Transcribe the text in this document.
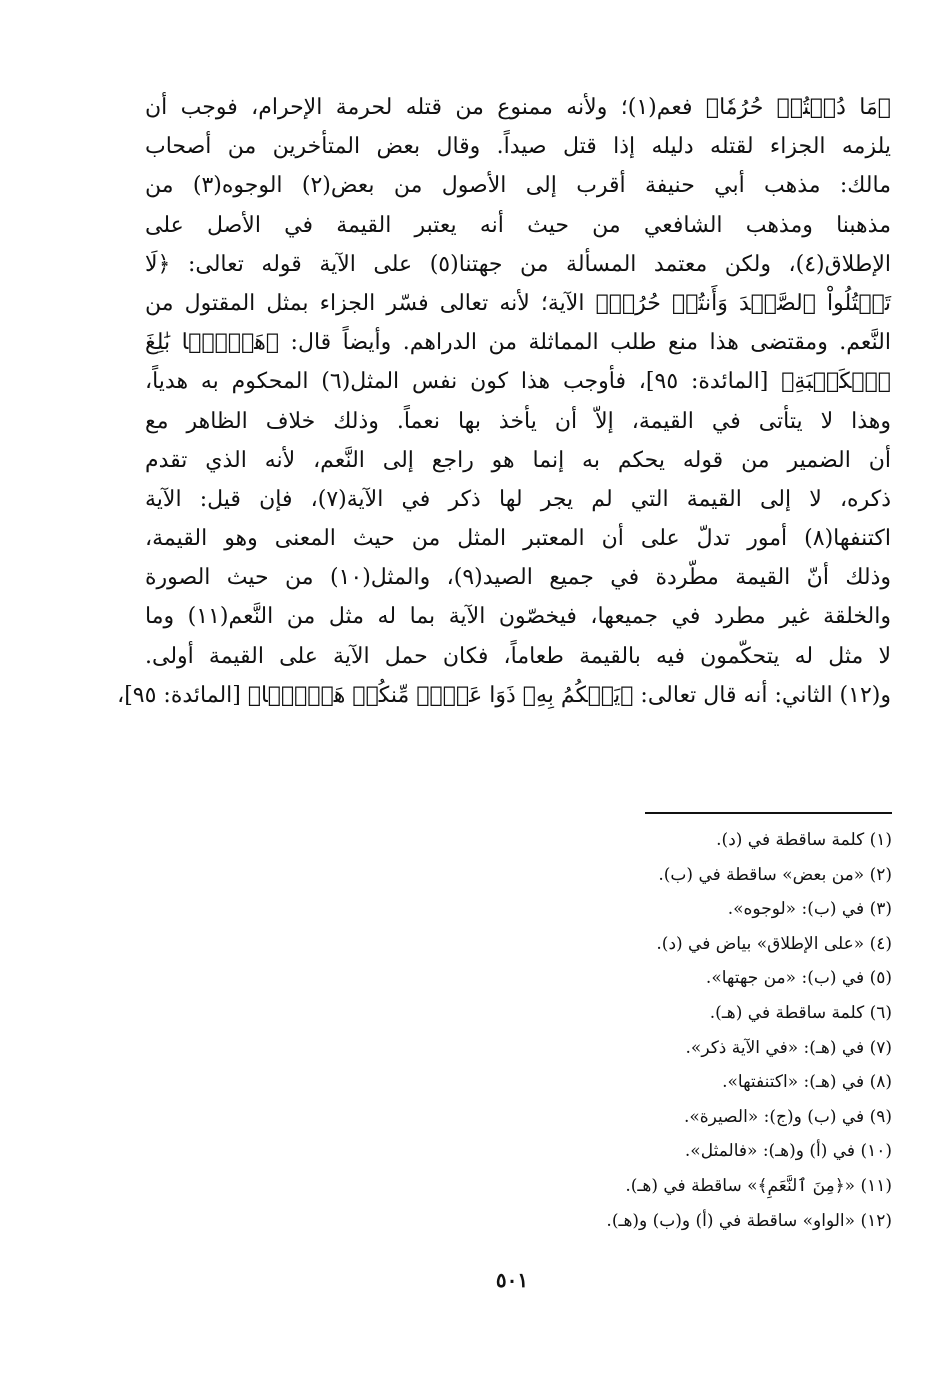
﴿مَا دُمۡتُمۡ حُرُمٗا﴾ فعم(١)؛ ولأنه ممنوع من قتله لحرمة الإحرام، فوجب أن
يلزمه الجزاء لقتله دليله إذا قتل صيداً. وقال بعض المتأخرين من أصحاب
مالك: مذهب أبي حنيفة أقرب إلى الأصول من بعض(٢) الوجوه(٣) من
مذهبنا ومذهب الشافعي من حيث أنه يعتبر القيمة في الأصل على
الإطلاق(٤)، ولكن معتمد المسألة من جهتنا(٥) على الآية قوله تعالى: ﴿لَا
تَقۡتُلُواْ ٱلصَّيۡدَ وَأَنتُمۡ حُرُمٞ﴾ الآية؛ لأنه تعالى فسّر الجزاء بمثل المقتول من
النَّعم. ومقتضى هذا منع طلب المماثلة من الدراهم. وأيضاً قال: ﴿هَدۡيَۢا بَٰلِغَ
ٱلۡكَعۡبَةِ﴾ [المائدة: ٩٥]، فأوجب هذا كون نفس المثل(٦) المحكوم به هدياً،
وهذا لا يتأتى في القيمة، إلاّ أن يأخذ بها نعماً. وذلك خلاف الظاهر مع
أن الضمير من قوله يحكم به إنما هو راجع إلى النَّعم، لأنه الذي تقدم
ذكره، لا إلى القيمة التي لم يجر لها ذكر في الآية(٧)، فإن قيل: الآية
اكتنفها(٨) أمور تدلّ على أن المعتبر المثل من حيث المعنى وهو القيمة،
وذلك أنّ القيمة مطّردة في جميع الصيد(٩)، والمثل(١٠) من حيث الصورة
والخلقة غير مطرد في جميعها، فيخصّون الآية بما له مثل من النَّعم(١١) وما
لا مثل له يتحكّمون فيه بالقيمة طعاماً، فكان حمل الآية على القيمة أولى.
و(١٢) الثاني: أنه قال تعالى: ﴿يَحۡكُمُ بِهِۦ ذَوَا عَدۡلٖ مِّنكُمۡ هَدۡيَۢا﴾ [المائدة: ٩٥]،
(١) كلمة ساقطة في (د).
(٢) «من بعض» ساقطة في (ب).
(٣) في (ب): «لوجوه».
(٤) «على الإطلاق» بياض في (د).
(٥) في (ب): «من جهتها».
(٦) كلمة ساقطة في (هـ).
(٧) في (هـ): «في الآية ذكر».
(٨) في (هـ): «اكتنفتها».
(٩) في (ب) و(ج): «الصيرة».
(١٠) في (أ) و(هـ): «فالمثل».
(١١) «﴿مِنَ ٱلنَّعَمِ﴾» ساقطة في (هـ).
(١٢) «الواو» ساقطة في (أ) و(ب) و(هـ).
٥٠١
